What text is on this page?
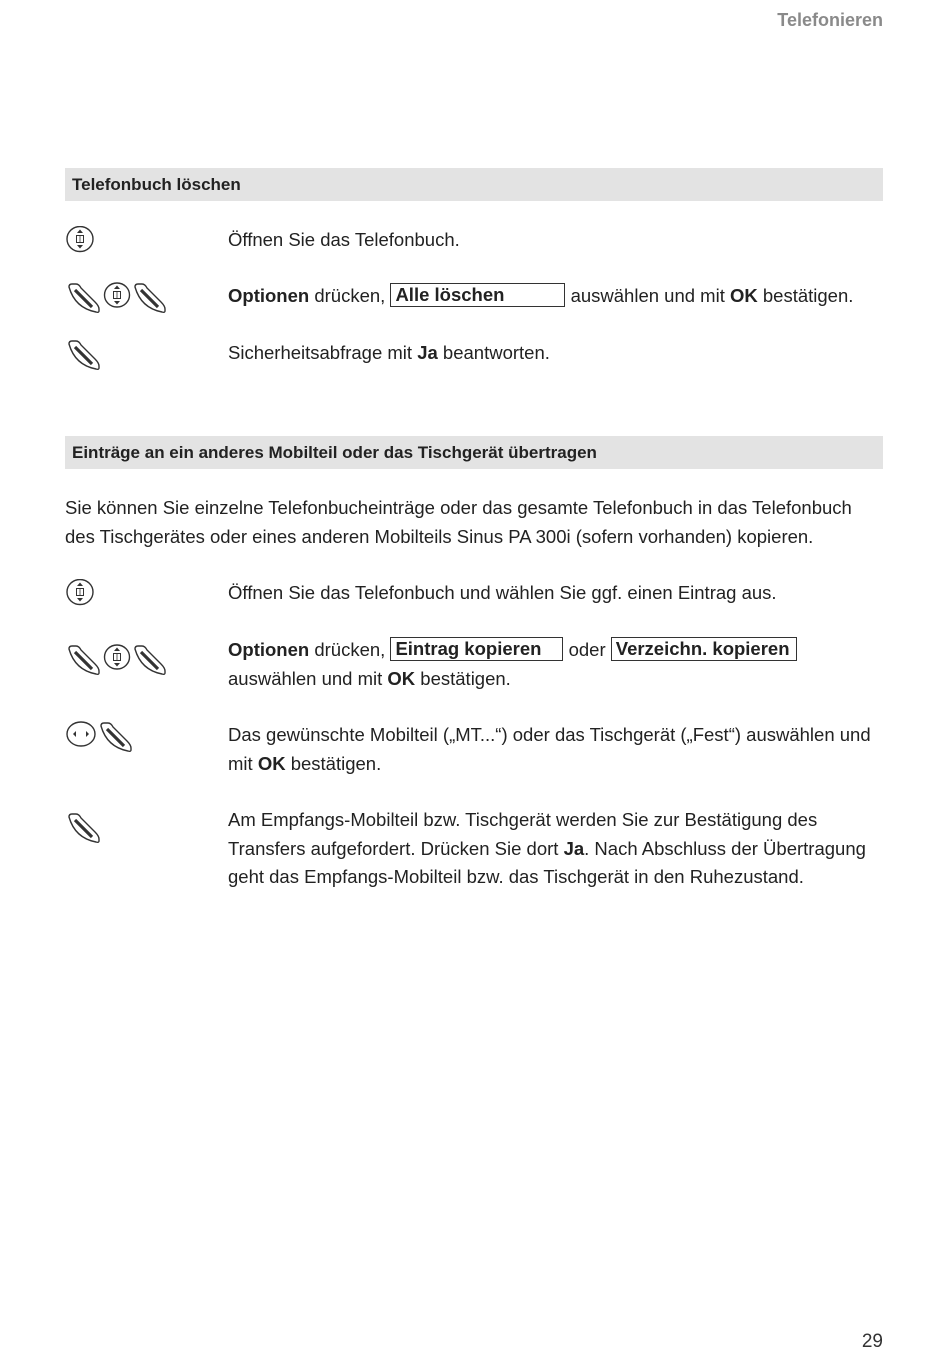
Telefonieren
Telefonbuch löschen
Öffnen Sie das Telefonbuch.
Optionen drücken, Alle löschen	auswählen und mit OK bestätigen.
Sicherheitsabfrage mit Ja beantworten.
Einträge an ein anderes Mobilteil oder das Tischgerät übertragen
Sie können Sie einzelne Telefonbucheinträge oder das gesamte Telefonbuch in das Telefonbuch des Tischgerätes oder eines anderen Mobilteils Sinus PA 300i (sofern vorhanden) kopieren.
Öffnen Sie das Telefonbuch und wählen Sie ggf. einen Eintrag aus.
Optionen drücken, Eintrag kopieren oder Verzeichn. kopieren auswählen und mit OK bestätigen.
Das gewünschte Mobilteil („MT...“) oder das Tischgerät („Fest“) auswählen und mit OK bestätigen.
Am Empfangs-Mobilteil bzw. Tischgerät werden Sie zur Bestätigung des Transfers aufgefordert. Drücken Sie dort Ja. Nach Abschluss der Übertragung geht das Empfangs-Mobilteil bzw. das Tischgerät in den Ruhezustand.
29
